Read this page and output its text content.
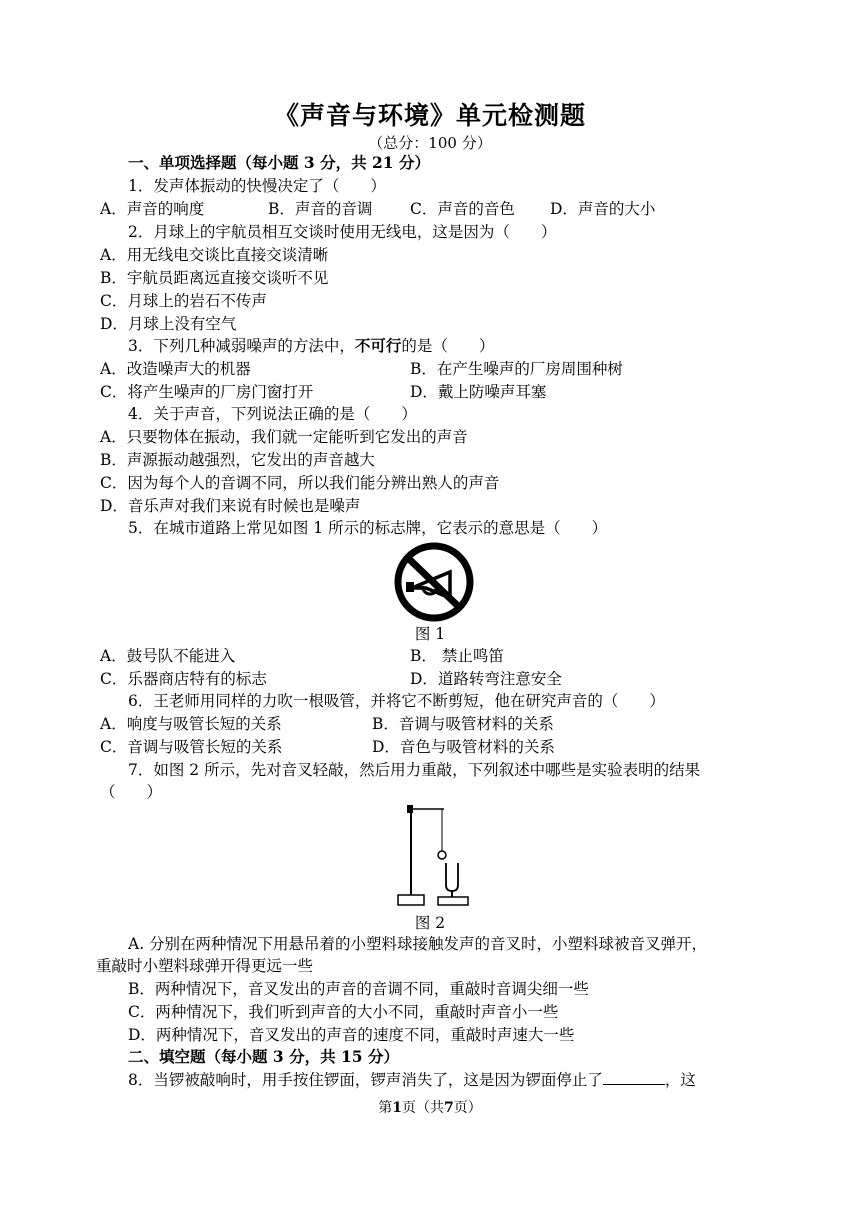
《声音与环境》单元检测题
（总分：100 分）
一、单项选择题（每小题 3 分，共 21 分）
1．发声体振动的快慢决定了（　　）
A．声音的响度	B．声音的音调 C．声音的音色 D．声音的大小
2．月球上的宇航员相互交谈时使用无线电，这是因为（　　）
A．用无线电交谈比直接交谈清晰
B．宇航员距离远直接交谈听不见
C．月球上的岩石不传声
D．月球上没有空气
3．下列几种减弱噪声的方法中，不可行的是（　　）
A．改造噪声大的机器	B．在产生噪声的厂房周围种树
C．将产生噪声的厂房门窗打开	D．戴上防噪声耳塞
4．关于声音，下列说法正确的是（　　）
A．只要物体在振动，我们就一定能听到它发出的声音
B．声源振动越强烈，它发出的声音越大
C．因为每个人的音调不同，所以我们能分辨出熟人的声音
D．音乐声对我们来说有时候也是噪声
5．在城市道路上常见如图 1 所示的标志牌，它表示的意思是（　　）
图 1
A．鼓号队不能进入	B． 禁止鸣笛
C．乐器商店特有的标志	D．道路转弯注意安全
6．王老师用同样的力吹一根吸管，并将它不断剪短，他在研究声音的（　　）
A．响度与吸管长短的关系	B．音调与吸管材料的关系
C．音调与吸管长短的关系	D．音色与吸管材料的关系
7．如图 2 所示，先对音叉轻敲，然后用力重敲，下列叙述中哪些是实验表明的结果
（　　）
图 2
A. 分别在两种情况下用悬吊着的小塑料球接触发声的音叉时，小塑料球被音叉弹开，
重敲时小塑料球弹开得更远一些
B．两种情况下，音叉发出的声音的音调不同，重敲时音调尖细一些
C．两种情况下，我们听到声音的大小不同，重敲时声音小一些
D．两种情况下，音叉发出的声音的速度不同，重敲时声速大一些
二、填空题（每小题 3 分，共 15 分）
8．当锣被敲响时，用手按住锣面，锣声消失了，这是因为锣面停止了	，这
第1页（共7页）
